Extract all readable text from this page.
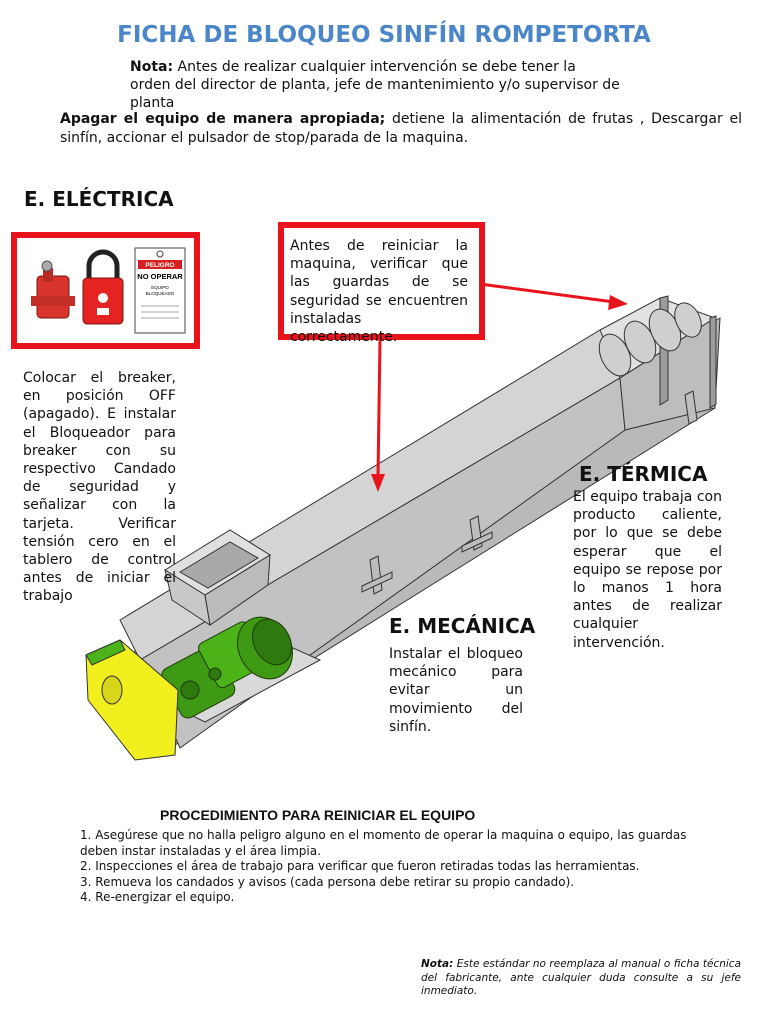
FICHA DE BLOQUEO SINFÍN ROMPETORTA
Nota: Antes de realizar cualquier intervención se debe tener la orden del director de planta, jefe de mantenimiento y/o supervisor de planta
Apagar el equipo de manera apropiada; detiene la alimentación de frutas , Descargar el sinfín, accionar el pulsador de stop/parada de la maquina.
E. ELÉCTRICA
PELIGRO
NO OPERAR
EQUIPO
BLOQUEADO
Colocar el breaker, en posición OFF (apagado). E instalar el Bloqueador para breaker con su respectivo Candado de seguridad y señalizar con la tarjeta. Verificar tensión cero en el tablero de control antes de iniciar el trabajo
Antes de reiniciar la maquina, verificar que las guardas de se seguridad se encuentren instaladas correctamente.
E. TÉRMICA
El equipo trabaja con producto caliente, por lo que se debe esperar que el equipo se repose por lo manos 1 hora antes de realizar cualquier intervención.
E. MECÁNICA
Instalar el bloqueo mecánico para evitar un movimiento del sinfín.
PROCEDIMIENTO PARA REINICIAR EL EQUIPO
1. Asegúrese que no halla peligro alguno en el momento de operar la maquina o equipo, las guardas deben instar instaladas y el área limpia.
2. Inspecciones el área de trabajo para verificar que fueron retiradas todas las herramientas.
3. Remueva los candados y avisos (cada persona debe retirar su propio candado).
4. Re-energizar el equipo.
Nota: Este estándar no reemplaza al manual o ficha técnica del fabricante, ante cualquier duda consulte a su jefe inmediato.
